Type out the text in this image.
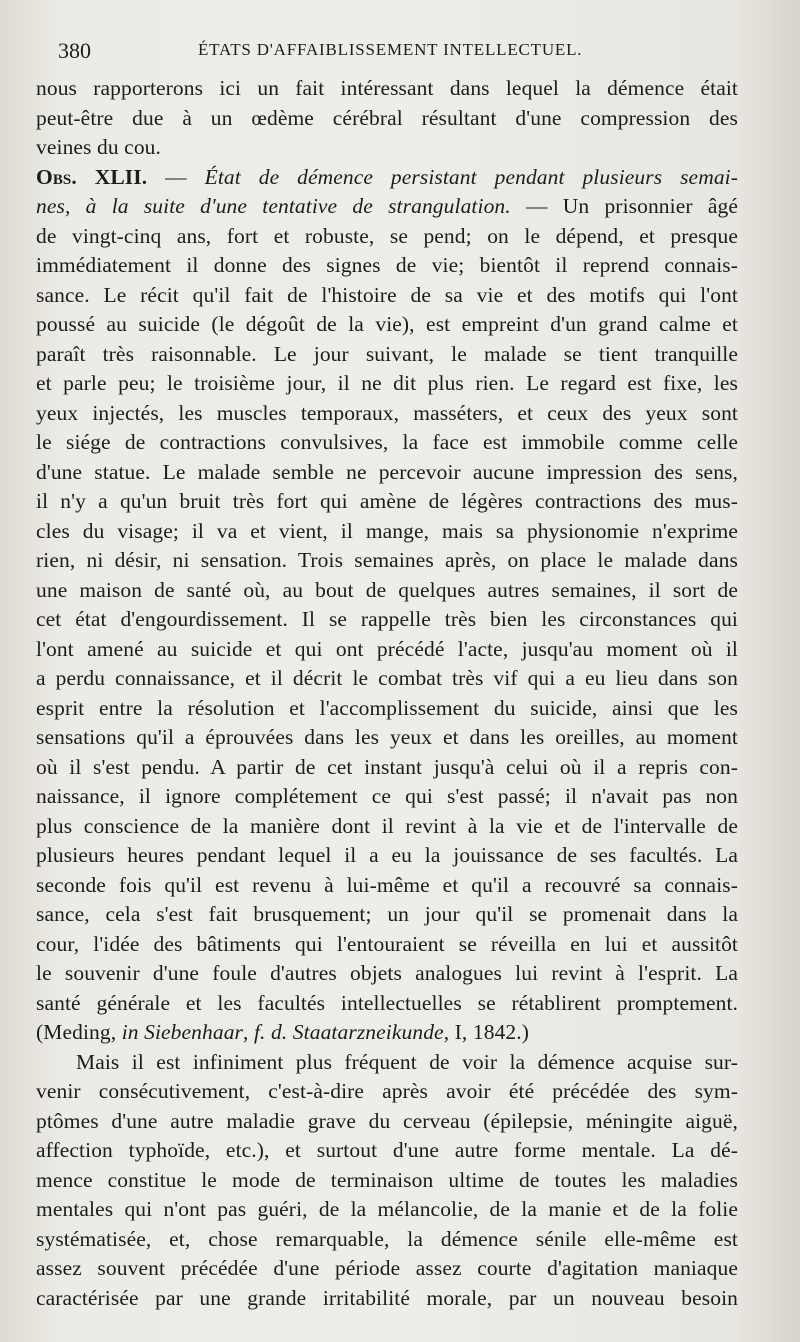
380	ÉTATS D'AFFAIBLISSEMENT INTELLECTUEL.
nous rapporterons ici un fait intéressant dans lequel la démence était
peut-être due à un œdème cérébral résultant d'une compression des
veines du cou.
Obs. XLII. — État de démence persistant pendant plusieurs semai-
nes, à la suite d'une tentative de strangulation. — Un prisonnier âgé
de vingt-cinq ans, fort et robuste, se pend; on le dépend, et presque
immédiatement il donne des signes de vie; bientôt il reprend connais-
sance. Le récit qu'il fait de l'histoire de sa vie et des motifs qui l'ont
poussé au suicide (le dégoût de la vie), est empreint d'un grand calme et
paraît très raisonnable. Le jour suivant, le malade se tient tranquille
et parle peu; le troisième jour, il ne dit plus rien. Le regard est fixe, les
yeux injectés, les muscles temporaux, masséters, et ceux des yeux sont
le siége de contractions convulsives, la face est immobile comme celle
d'une statue. Le malade semble ne percevoir aucune impression des sens,
il n'y a qu'un bruit très fort qui amène de légères contractions des mus-
cles du visage; il va et vient, il mange, mais sa physionomie n'exprime
rien, ni désir, ni sensation. Trois semaines après, on place le malade dans
une maison de santé où, au bout de quelques autres semaines, il sort de
cet état d'engourdissement. Il se rappelle très bien les circonstances qui
l'ont amené au suicide et qui ont précédé l'acte, jusqu'au moment où il
a perdu connaissance, et il décrit le combat très vif qui a eu lieu dans son
esprit entre la résolution et l'accomplissement du suicide, ainsi que les
sensations qu'il a éprouvées dans les yeux et dans les oreilles, au moment
où il s'est pendu. A partir de cet instant jusqu'à celui où il a repris con-
naissance, il ignore complétement ce qui s'est passé; il n'avait pas non
plus conscience de la manière dont il revint à la vie et de l'intervalle de
plusieurs heures pendant lequel il a eu la jouissance de ses facultés. La
seconde fois qu'il est revenu à lui-même et qu'il a recouvré sa connais-
sance, cela s'est fait brusquement; un jour qu'il se promenait dans la
cour, l'idée des bâtiments qui l'entouraient se réveilla en lui et aussitôt
le souvenir d'une foule d'autres objets analogues lui revint à l'esprit. La
santé générale et les facultés intellectuelles se rétablirent promptement.
(Meding, in Siebenhaar, f. d. Staatarzneikunde, I, 1842.)
Mais il est infiniment plus fréquent de voir la démence acquise sur-
venir consécutivement, c'est-à-dire après avoir été précédée des sym-
ptômes d'une autre maladie grave du cerveau (épilepsie, méningite aiguë,
affection typhoïde, etc.), et surtout d'une autre forme mentale. La dé-
mence constitue le mode de terminaison ultime de toutes les maladies
mentales qui n'ont pas guéri, de la mélancolie, de la manie et de la folie
systématisée, et, chose remarquable, la démence sénile elle-même est
assez souvent précédée d'une période assez courte d'agitation maniaque
caractérisée par une grande irritabilité morale, par un nouveau besoin
